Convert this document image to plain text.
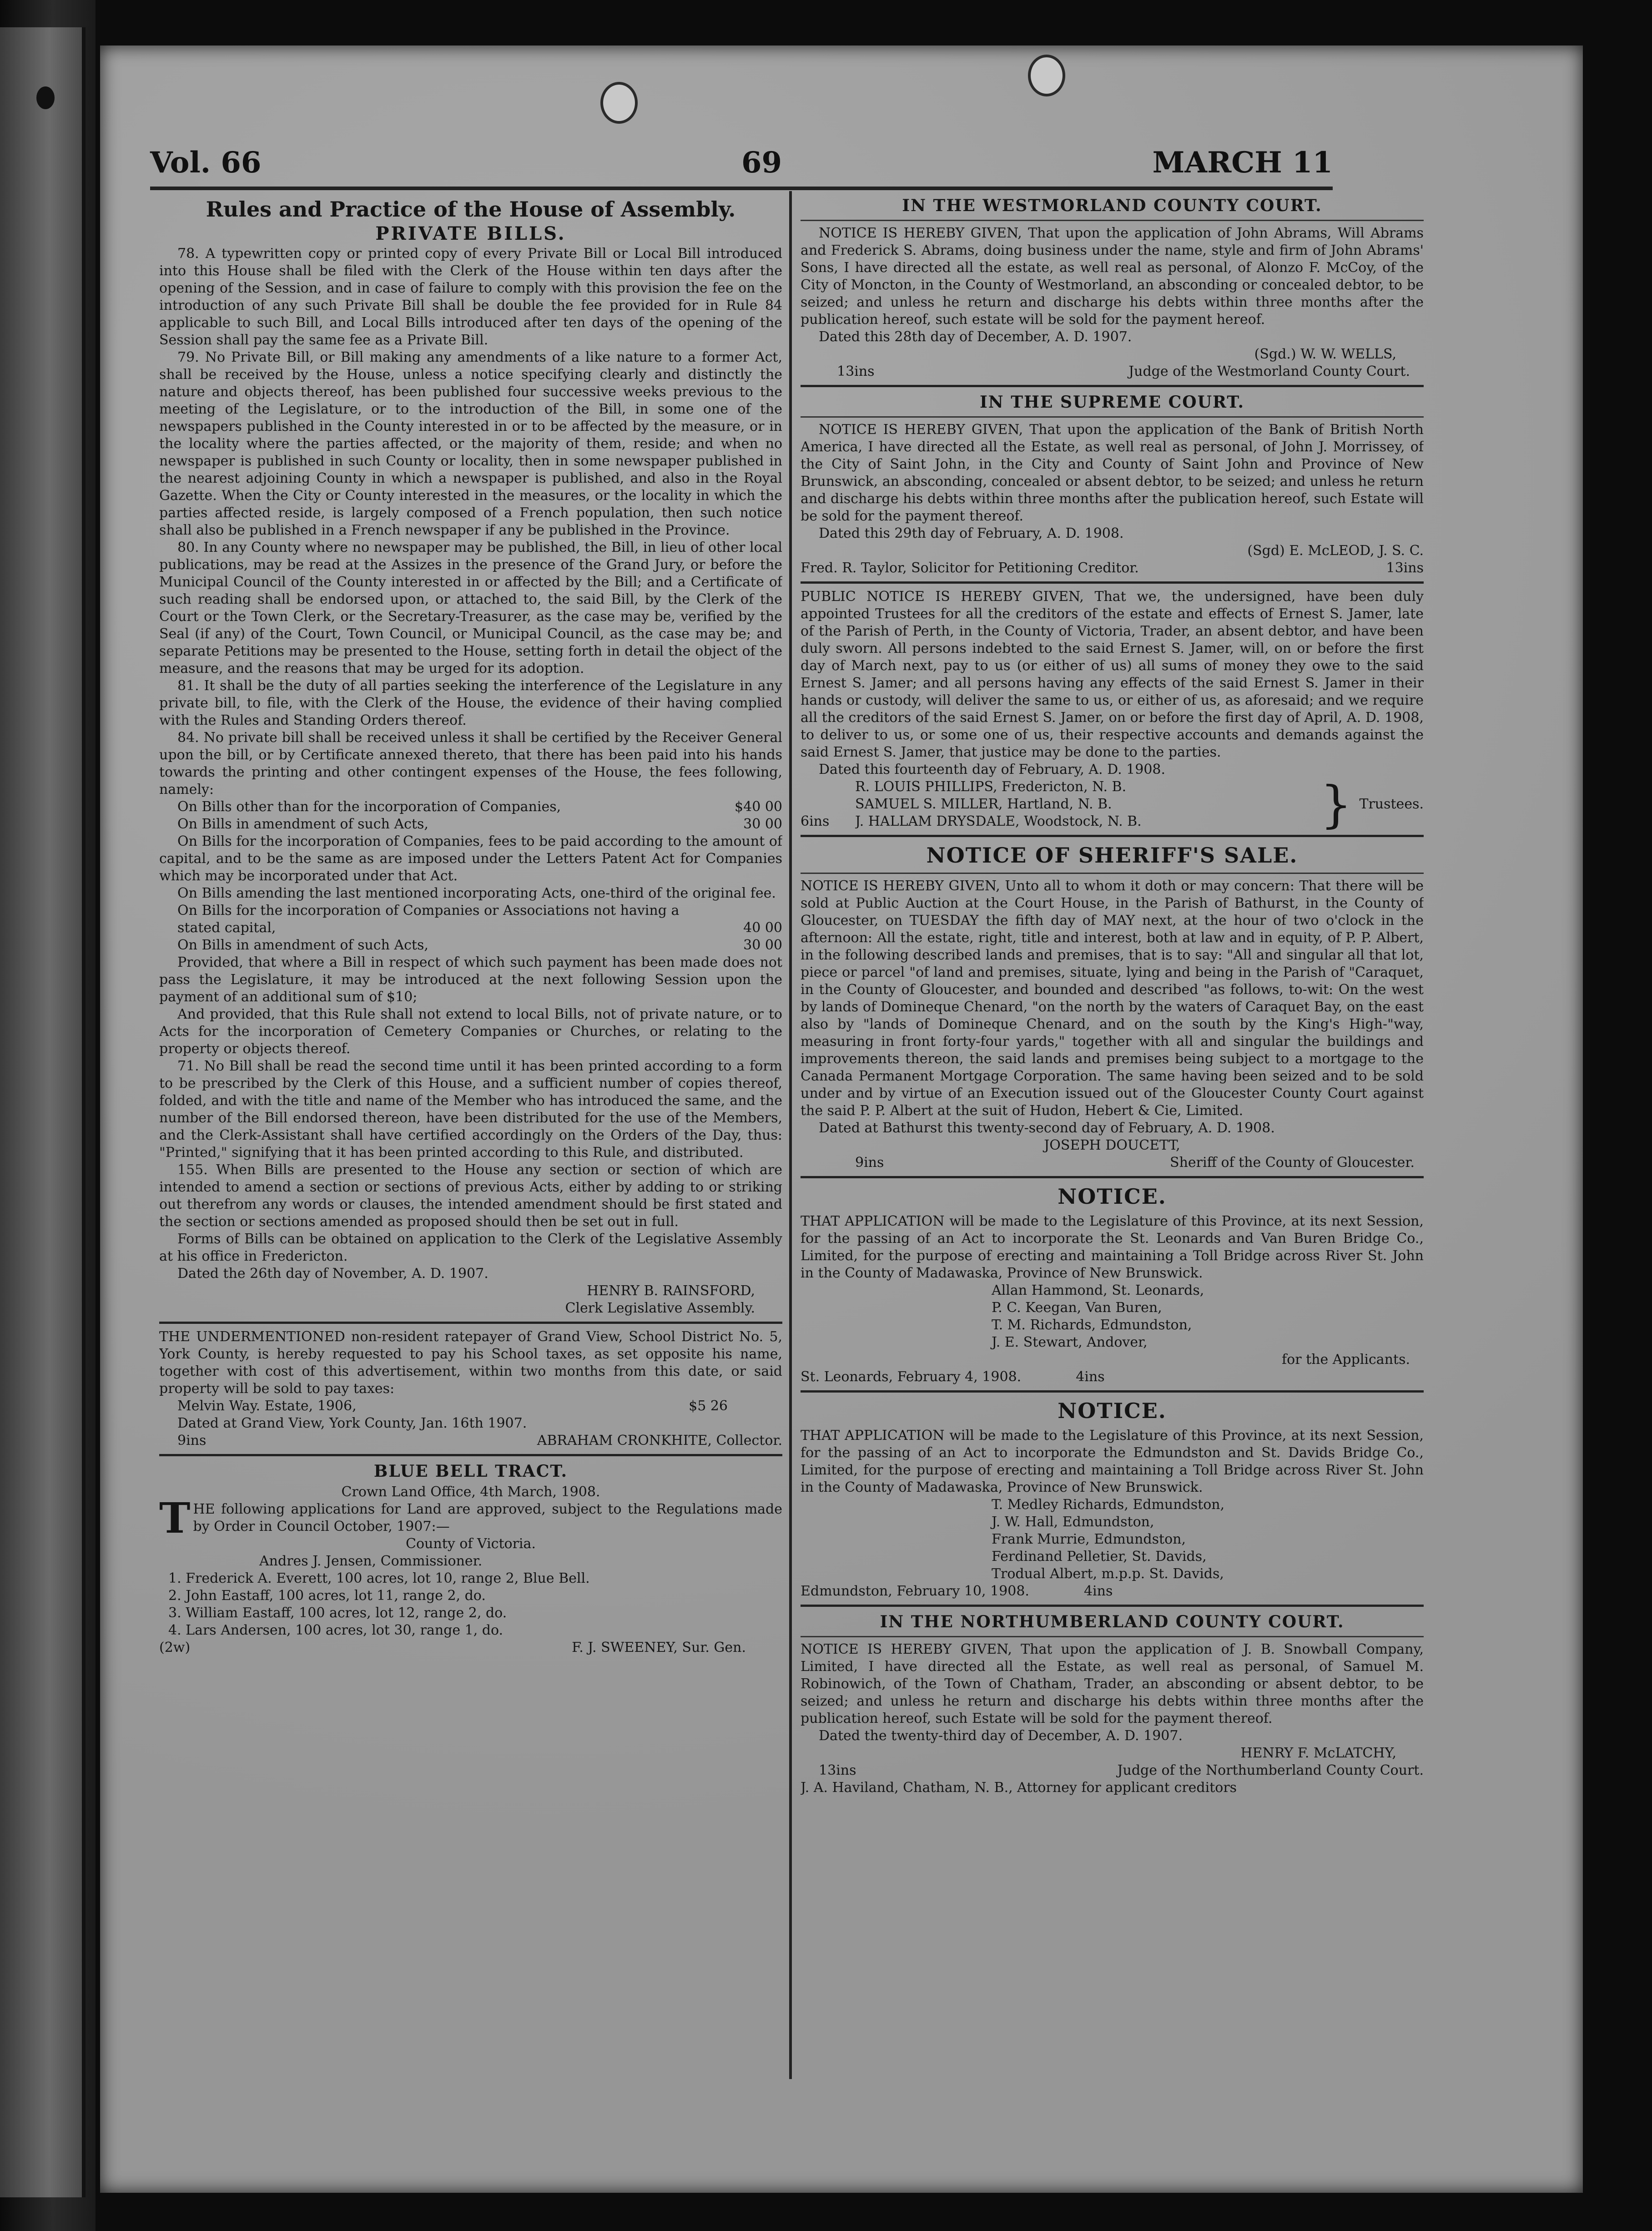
Vol. 66	69	MARCH 11
Rules and Practice of the House of Assembly.
PRIVATE BILLS.

78. A typewritten copy or printed copy of every Private Bill or Local Bill introduced into this House shall be filed with the Clerk of the House within ten days after the opening of the Session, and in case of failure to comply with this provision the fee on the introduction of any such Private Bill shall be double the fee provided for in Rule 84 applicable to such Bill, and Local Bills introduced after ten days of the opening of the Session shall pay the same fee as a Private Bill.

79. No Private Bill, or Bill making any amendments of a like nature to a former Act, shall be received by the House, unless a notice specifying clearly and distinctly the nature and objects thereof, has been published four successive weeks previous to the meeting of the Legislature, or to the introduction of the Bill, in some one of the newspapers published in the County interested in or to be affected by the measure, or in the locality where the parties affected, or the majority of them, reside; and when no newspaper is published in such County or locality, then in some newspaper published in the nearest adjoining County in which a newspaper is published, and also in the Royal Gazette. When the City or County interested in the measures, or the locality in which the parties affected reside, is largely composed of a French population, then such notice shall also be published in a French newspaper if any be published in the Province.

80. In any County where no newspaper may be published, the Bill, in lieu of other local publications, may be read at the Assizes in the presence of the Grand Jury, or before the Municipal Council of the County interested in or affected by the Bill; and a Certificate of such reading shall be endorsed upon, or attached to, the said Bill, by the Clerk of the Court or the Town Clerk, or the Secretary-Treasurer, as the case may be, verified by the Seal (if any) of the Court, Town Council, or Municipal Council, as the case may be; and separate Petitions may be presented to the House, setting forth in detail the object of the measure, and the reasons that may be urged for its adoption.

81. It shall be the duty of all parties seeking the interference of the Legislature in any private bill, to file, with the Clerk of the House, the evidence of their having complied with the Rules and Standing Orders thereof.

84. No private bill shall be received unless it shall be certified by the Receiver General upon the bill, or by Certificate annexed thereto, that there has been paid into his hands towards the printing and other contingent expenses of the House, the fees following, namely:

On Bills other than for the incorporation of Companies,	$40 00
On Bills in amendment of such Acts,	30 00

On Bills for the incorporation of Companies, fees to be paid according to the amount of capital, and to be the same as are imposed under the Letters Patent Act for Companies which may be incorporated under that Act.

On Bills amending the last mentioned incorporating Acts, one-third of the original fee.

On Bills for the incorporation of Companies or Associations not having a stated capital,	40 00
On Bills in amendment of such Acts,	30 00

Provided, that where a Bill in respect of which such payment has been made does not pass the Legislature, it may be introduced at the next following Session upon the payment of an additional sum of $10;

And provided, that this Rule shall not extend to local Bills, not of private nature, or to Acts for the incorporation of Cemetery Companies or Churches, or relating to the property or objects thereof.

71. No Bill shall be read the second time until it has been printed according to a form to be prescribed by the Clerk of this House, and a sufficient number of copies thereof, folded, and with the title and name of the Member who has introduced the same, and the number of the Bill endorsed thereon, have been distributed for the use of the Members, and the Clerk-Assistant shall have certified accordingly on the Orders of the Day, thus: "Printed," signifying that it has been printed according to this Rule, and distributed.

155. When Bills are presented to the House any section or section of which are intended to amend a section or sections of previous Acts, either by adding to or striking out therefrom any words or clauses, the intended amendment should be first stated and the section or sections amended as proposed should then be set out in full.

Forms of Bills can be obtained on application to the Clerk of the Legislative Assembly at his office in Fredericton.

Dated the 26th day of November, A. D. 1907.

HENRY B. RAINSFORD,
Clerk Legislative Assembly.

THE UNDERMENTIONED non-resident ratepayer of Grand View, School District No. 5, York County, is hereby requested to pay his School taxes, as set opposite his name, together with cost of this advertisement, within two months from this date, or said property will be sold to pay taxes:

Melvin Way. Estate, 1906,	$5 26

Dated at Grand View, York County, Jan. 16th 1907.

9ins	ABRAHAM CRONKHITE, Collector.
BLUE BELL TRACT.
Crown Land Office, 4th March, 1908.

THE following applications for Land are approved, subject to the Regulations made by Order in Council October, 1907:—

County of Victoria.
Andres J. Jensen, Commissioner.
1. Frederick A. Everett, 100 acres, lot 10, range 2, Blue Bell.
2. John Eastaff, 100 acres, lot 11, range 2, do.
3. William Eastaff, 100 acres, lot 12, range 2, do.
4. Lars Andersen, 100 acres, lot 30, range 1, do.
(2w)	F. J. SWEENEY, Sur. Gen.
IN THE WESTMORLAND COUNTY COURT.

NOTICE IS HEREBY GIVEN, That upon the application of John Abrams, Will Abrams and Frederick S. Abrams, doing business under the name, style and firm of John Abrams' Sons, I have directed all the estate, as well real as personal, of Alonzo F. McCoy, of the City of Moncton, in the County of Westmorland, an absconding or concealed debtor, to be seized; and unless he return and discharge his debts within three months after the publication hereof, such estate will be sold for the payment hereof.

Dated this 28th day of December, A. D. 1907.

(Sgd.) W. W. WELLS,
13ins	Judge of the Westmorland County Court.
IN THE SUPREME COURT.

NOTICE IS HEREBY GIVEN, That upon the application of the Bank of British North America, I have directed all the Estate, as well real as personal, of John J. Morrissey, of the City of Saint John, in the City and County of Saint John and Province of New Brunswick, an absconding, concealed or absent debtor, to be seized; and unless he return and discharge his debts within three months after the publication hereof, such Estate will be sold for the payment thereof.

Dated this 29th day of February, A. D. 1908.

(Sgd) E. McLEOD, J. S. C.
Fred. R. Taylor, Solicitor for Petitioning Creditor.	13ins

PUBLIC NOTICE IS HEREBY GIVEN, That we, the undersigned, have been duly appointed Trustees for all the creditors of the estate and effects of Ernest S. Jamer, late of the Parish of Perth, in the County of Victoria, Trader, an absent debtor, and have been duly sworn. All persons indebted to the said Ernest S. Jamer, will, on or before the first day of March next, pay to us (or either of us) all sums of money they owe to the said Ernest S. Jamer; and all persons having any effects of the said Ernest S. Jamer in their hands or custody, will deliver the same to us, or either of us, as aforesaid; and we require all the creditors of the said Ernest S. Jamer, on or before the first day of April, A. D. 1908, to deliver to us, or some one of us, their respective accounts and demands against the said Ernest S. Jamer, that justice may be done to the parties.

Dated this fourteenth day of February, A. D. 1908.

6ins
R. LOUIS PHILLIPS, Fredericton, N. B.
SAMUEL S. MILLER, Hartland, N. B.
J. HALLAM DRYSDALE, Woodstock, N. B.	} Trustees.
NOTICE OF SHERIFF'S SALE.

NOTICE IS HEREBY GIVEN, Unto all to whom it doth or may concern: That there will be sold at Public Auction at the Court House, in the Parish of Bathurst, in the County of Gloucester, on TUESDAY the fifth day of MAY next, at the hour of two o'clock in the afternoon: All the estate, right, title and interest, both at law and in equity, of P. P. Albert, in the following described lands and premises, that is to say: "All and singular all that lot, piece or parcel "of land and premises, situate, lying and being in the Parish of "Caraquet, in the County of Gloucester, and bounded and described "as follows, to-wit: On the west by lands of Domineque Chenard, "on the north by the waters of Caraquet Bay, on the east also by "lands of Domineque Chenard, and on the south by the King's High-"way, measuring in front forty-four yards," together with all and singular the buildings and improvements thereon, the said lands and premises being subject to a mortgage to the Canada Permanent Mortgage Corporation. The same having been seized and to be sold under and by virtue of an Execution issued out of the Gloucester County Court against the said P. P. Albert at the suit of Hudon, Hebert & Cie, Limited.

Dated at Bathurst this twenty-second day of February, A. D. 1908.

JOSEPH DOUCETT,
9ins	Sheriff of the County of Gloucester.
NOTICE.

THAT APPLICATION will be made to the Legislature of this Province, at its next Session, for the passing of an Act to incorporate the St. Leonards and Van Buren Bridge Co., Limited, for the purpose of erecting and maintaining a Toll Bridge across River St. John in the County of Madawaska, Province of New Brunswick.

Allan Hammond, St. Leonards,
P. C. Keegan, Van Buren,
T. M. Richards, Edmundston,
J. E. Stewart, Andover,
for the Applicants.
St. Leonards, February 4, 1908.	4ins
NOTICE.

THAT APPLICATION will be made to the Legislature of this Province, at its next Session, for the passing of an Act to incorporate the Edmundston and St. Davids Bridge Co., Limited, for the purpose of erecting and maintaining a Toll Bridge across River St. John in the County of Madawaska, Province of New Brunswick.

T. Medley Richards, Edmundston,
J. W. Hall, Edmundston,
Frank Murrie, Edmundston,
Ferdinand Pelletier, St. Davids,
Trodual Albert, m.p.p. St. Davids,
Edmundston, February 10, 1908.	4ins
IN THE NORTHUMBERLAND COUNTY COURT.

NOTICE IS HEREBY GIVEN, That upon the application of J. B. Snowball Company, Limited, I have directed all the Estate, as well real as personal, of Samuel M. Robinowich, of the Town of Chatham, Trader, an absconding or absent debtor, to be seized; and unless he return and discharge his debts within three months after the publication hereof, such Estate will be sold for the payment thereof.

Dated the twenty-third day of December, A. D. 1907.

HENRY F. McLATCHY,
13ins	Judge of the Northumberland County Court.
J. A. Haviland, Chatham, N. B., Attorney for applicant creditors
